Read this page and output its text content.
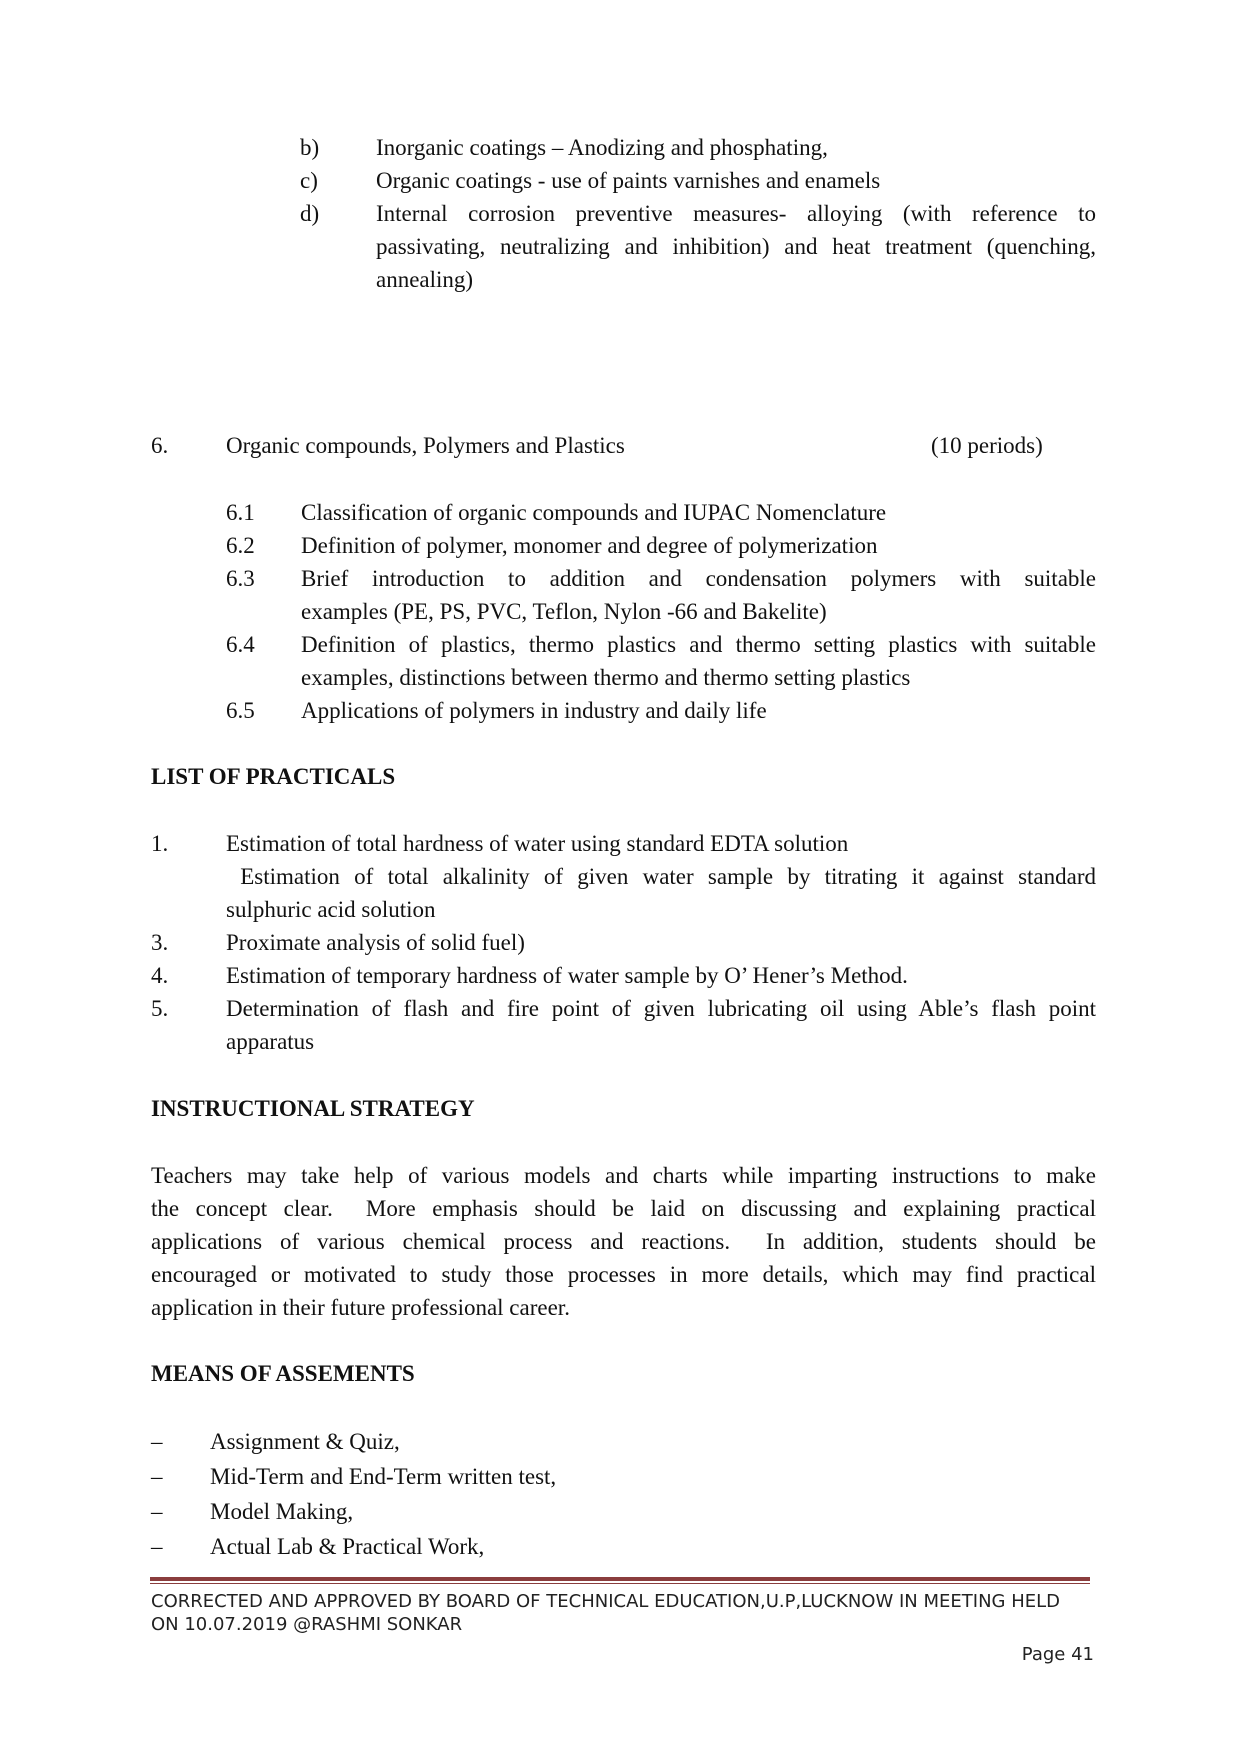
b) Inorganic coatings – Anodizing and phosphating,
c)	Organic coatings - use of paints varnishes and enamels
d) Internal corrosion preventive measures- alloying (with reference to
passivating, neutralizing and inhibition) and heat treatment (quenching,
annealing)
6.	Organic compounds, Polymers and Plastics	(10 periods)
6.1 Classification of organic compounds and IUPAC Nomenclature
6.2 Definition of polymer, monomer and degree of polymerization
6.3 Brief introduction to addition and condensation polymers with suitable
examples (PE, PS, PVC, Teflon, Nylon -66 and Bakelite)
6.4 Definition of plastics, thermo plastics and thermo setting plastics with suitable
examples, distinctions between thermo and thermo setting plastics
6.5 Applications of polymers in industry and daily life
LIST OF PRACTICALS
1.	Estimation of total hardness of water using standard EDTA solution
Estimation of total alkalinity of given water sample by titrating it against standard
sulphuric acid solution
3.	Proximate analysis of solid fuel)
4.	Estimation of temporary hardness of water sample by O’ Hener’s Method.
5.	Determination of flash and fire point of given lubricating oil using Able’s flash point
apparatus
INSTRUCTIONAL STRATEGY
Teachers may take help of various models and charts while imparting instructions to make
the concept clear.  More emphasis should be laid on discussing and explaining practical
applications of various chemical process and reactions.  In addition, students should be
encouraged or motivated to study those processes in more details, which may find practical
application in their future professional career.
MEANS OF ASSEMENTS
– Assignment & Quiz,
– Mid-Term and End-Term written test,
– Model Making,
– Actual Lab & Practical Work,
CORRECTED AND APPROVED BY BOARD OF TECHNICAL EDUCATION,U.P,LUCKNOW IN MEETING HELD
ON 10.07.2019 @RASHMI SONKAR
Page 41
